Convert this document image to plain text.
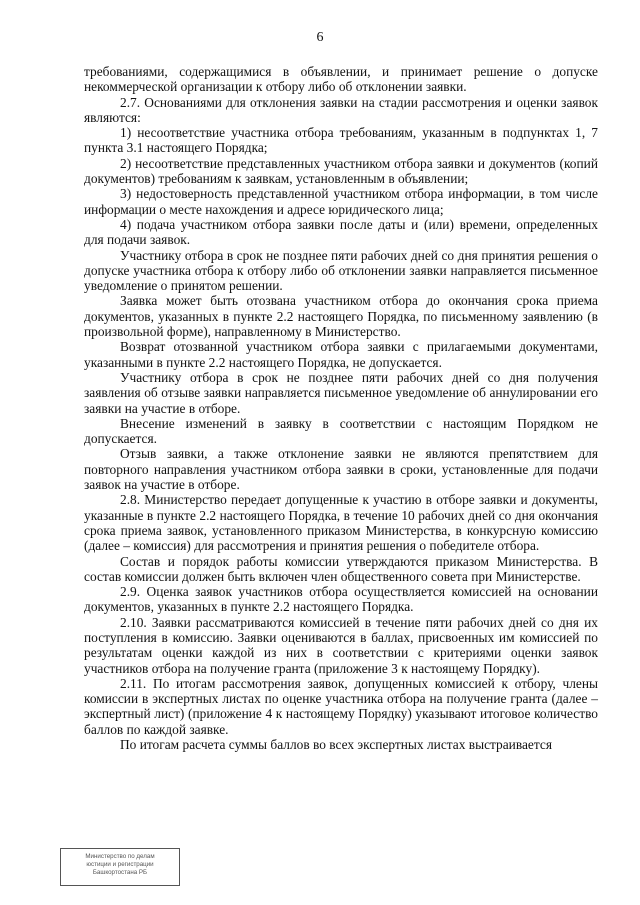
6

требованиями, содержащимися в объявлении, и принимает решение о допуске некоммерческой организации к отбору либо об отклонении заявки.

2.7. Основаниями для отклонения заявки на стадии рассмотрения и оценки заявок являются:

1) несоответствие участника отбора требованиям, указанным в подпунктах 1, 7 пункта 3.1 настоящего Порядка;

2) несоответствие представленных участником отбора заявки и документов (копий документов) требованиям к заявкам, установленным в объявлении;

3) недостоверность представленной участником отбора информации, в том числе информации о месте нахождения и адресе юридического лица;

4) подача участником отбора заявки после даты и (или) времени, определенных для подачи заявок.

Участнику отбора в срок не позднее пяти рабочих дней со дня принятия решения о допуске участника отбора к отбору либо об отклонении заявки направляется письменное уведомление о принятом решении.

Заявка может быть отозвана участником отбора до окончания срока приема документов, указанных в пункте 2.2 настоящего Порядка, по письменному заявлению (в произвольной форме), направленному в Министерство.

Возврат отозванной участником отбора заявки с прилагаемыми документами, указанными в пункте 2.2 настоящего Порядка, не допускается.

Участнику отбора в срок не позднее пяти рабочих дней со дня получения заявления об отзыве заявки направляется письменное уведомление об аннулировании его заявки на участие в отборе.

Внесение изменений в заявку в соответствии с настоящим Порядком не допускается.

Отзыв заявки, а также отклонение заявки не являются препятствием для повторного направления участником отбора заявки в сроки, установленные для подачи заявок на участие в отборе.

2.8. Министерство передает допущенные к участию в отборе заявки и документы, указанные в пункте 2.2 настоящего Порядка, в течение 10 рабочих дней со дня окончания срока приема заявок, установленного приказом Министерства, в конкурсную комиссию (далее – комиссия) для рассмотрения и принятия решения о победителе отбора.

Состав и порядок работы комиссии утверждаются приказом Министерства. В состав комиссии должен быть включен член общественного совета при Министерстве.

2.9. Оценка заявок участников отбора осуществляется комиссией на основании документов, указанных в пункте 2.2 настоящего Порядка.

2.10. Заявки рассматриваются комиссией в течение пяти рабочих дней со дня их поступления в комиссию. Заявки оцениваются в баллах, присвоенных им комиссией по результатам оценки каждой из них в соответствии с критериями оценки заявок участников отбора на получение гранта (приложение 3 к настоящему Порядку).

2.11. По итогам рассмотрения заявок, допущенных комиссией к отбору, члены комиссии в экспертных листах по оценке участника отбора на получение гранта (далее – экспертный лист) (приложение 4 к настоящему Порядку) указывают итоговое количество баллов по каждой заявке.

По итогам расчета суммы баллов во всех экспертных листах выстраивается

Министерство по делам
юстиции и регистрации
Башкортостана РБ
